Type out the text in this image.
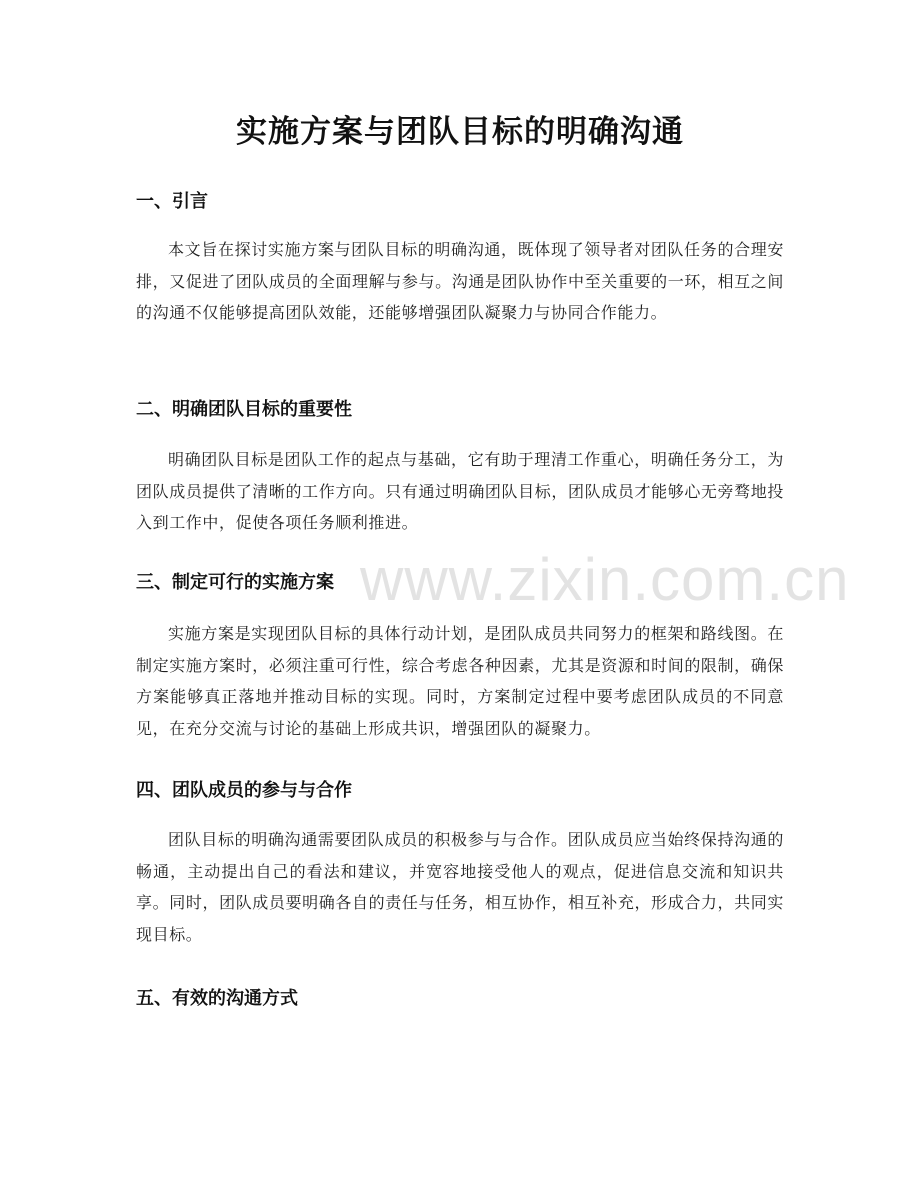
实施方案与团队目标的明确沟通
一、引言

本文旨在探讨实施方案与团队目标的明确沟通，既体现了领导者对团队任务的合理安排，又促进了团队成员的全面理解与参与。沟通是团队协作中至关重要的一环，相互之间的沟通不仅能够提高团队效能，还能够增强团队凝聚力与协同合作能力。

二、明确团队目标的重要性

明确团队目标是团队工作的起点与基础，它有助于理清工作重心，明确任务分工，为团队成员提供了清晰的工作方向。只有通过明确团队目标，团队成员才能够心无旁骛地投入到工作中，促使各项任务顺利推进。

三、制定可行的实施方案

实施方案是实现团队目标的具体行动计划，是团队成员共同努力的框架和路线图。在制定实施方案时，必须注重可行性，综合考虑各种因素，尤其是资源和时间的限制，确保方案能够真正落地并推动目标的实现。同时，方案制定过程中要考虑团队成员的不同意见，在充分交流与讨论的基础上形成共识，增强团队的凝聚力。

四、团队成员的参与与合作

团队目标的明确沟通需要团队成员的积极参与与合作。团队成员应当始终保持沟通的畅通，主动提出自己的看法和建议，并宽容地接受他人的观点，促进信息交流和知识共享。同时，团队成员要明确各自的责任与任务，相互协作，相互补充，形成合力，共同实现目标。

五、有效的沟通方式
www.zixin.com.cn
